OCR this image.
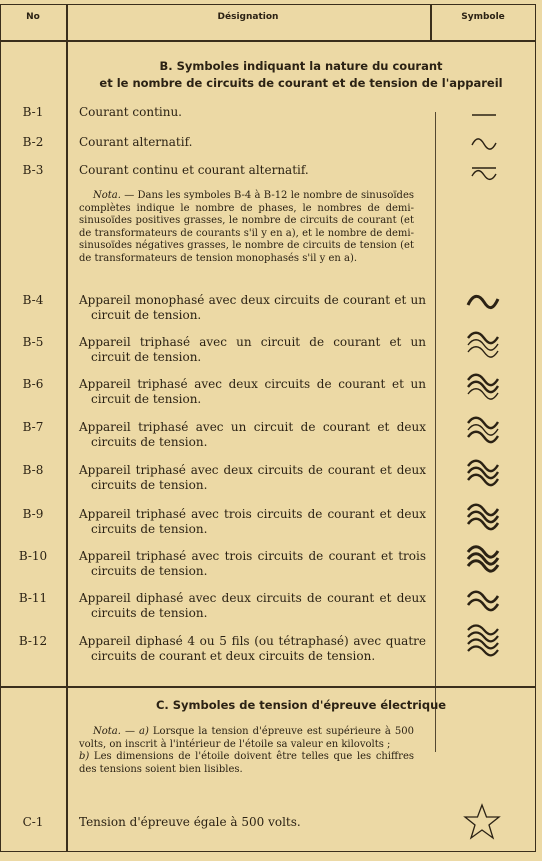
No	Désignation	Symbole
B. Symboles indiquant la nature du courant
et le nombre de circuits de courant et de tension de l'appareil
B-1	Courant continu.
B-2	Courant alternatif.
B-3	Courant continu et courant alternatif.
Nota. — Dans les symboles B-4 à B-12 le nombre de sinusoïdes complètes indique le nombre de phases, le nombres de demi-sinusoïdes positives grasses, le nombre de circuits de courant (et de transformateurs de courants s'il y en a), et le nombre de demi-sinusoïdes négatives grasses, le nombre de circuits de tension (et de transformateurs de tension monophasés s'il y en a).
B-4	Appareil monophasé avec deux circuits de courant et un circuit de tension.
B-5	Appareil triphasé avec un circuit de courant et un circuit de tension.
B-6	Appareil triphasé avec deux circuits de courant et un circuit de tension.
B-7	Appareil triphasé avec un circuit de courant et deux circuits de tension.
B-8	Appareil triphasé avec deux circuits de courant et deux circuits de tension.
B-9	Appareil triphasé avec trois circuits de courant et deux circuits de tension.
B-10	Appareil triphasé avec trois circuits de courant et trois circuits de tension.
B-11	Appareil diphasé avec deux circuits de courant et deux circuits de tension.
B-12	Appareil diphasé 4 ou 5 fils (ou tétraphasé) avec quatre circuits de courant et deux circuits de tension.
C. Symboles de tension d'épreuve électrique
Nota. — a) Lorsque la tension d'épreuve est supérieure à 500 volts, on inscrit à l'intérieur de l'étoile sa valeur en kilovolts ;
b) Les dimensions de l'étoile doivent être telles que les chiffres des tensions soient bien lisibles.
C-1	Tension d'épreuve égale à 500 volts.
